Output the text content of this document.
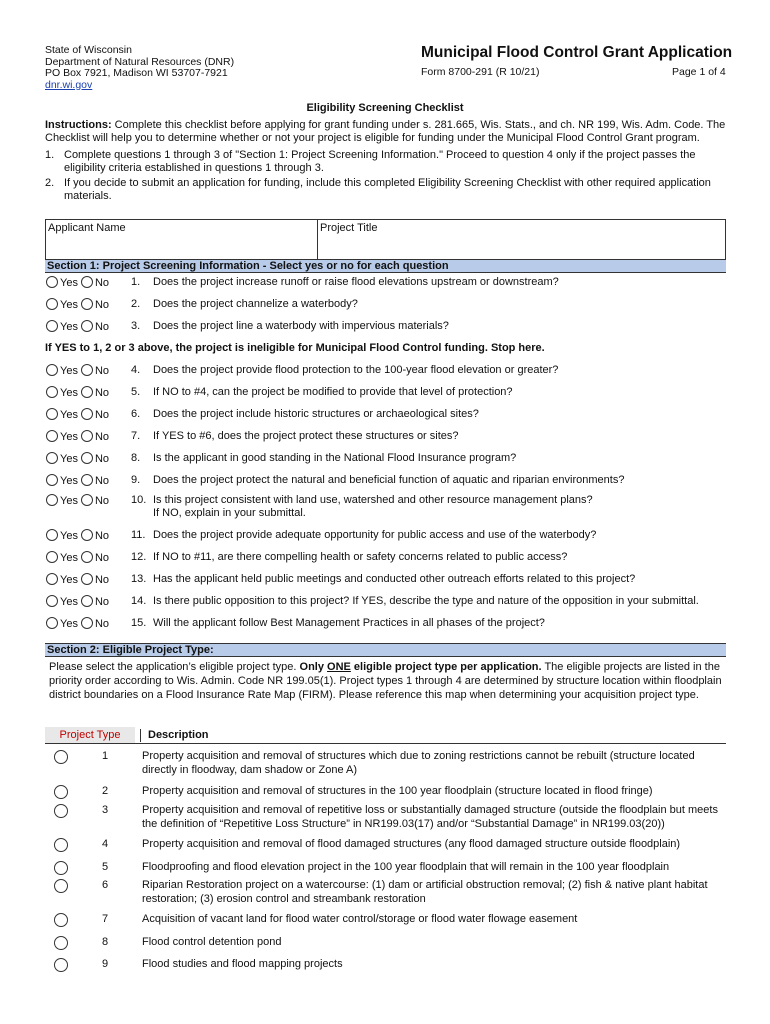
State of Wisconsin
Department of Natural Resources (DNR)
PO Box 7921, Madison WI 53707-7921
dnr.wi.gov
Municipal Flood Control Grant Application
Form 8700-291 (R 10/21)	Page 1 of 4
Eligibility Screening Checklist
Instructions: Complete this checklist before applying for grant funding under s. 281.665, Wis. Stats., and ch. NR 199, Wis. Adm. Code. The Checklist will help you to determine whether or not your project is eligible for funding under the Municipal Flood Control Grant program.
1. Complete questions 1 through 3 of "Section 1: Project Screening Information." Proceed to question 4 only if the project passes the eligibility criteria established in questions 1 through 3.
2. If you decide to submit an application for funding, include this completed Eligibility Screening Checklist with other required application materials.
Applicant Name	Project Title
Section 1: Project Screening Information - Select yes or no for each question
Yes No 1. Does the project increase runoff or raise flood elevations upstream or downstream?
Yes No 2. Does the project channelize a waterbody?
Yes No 3. Does the project line a waterbody with impervious materials?
Yes No 4. Does the project provide flood protection to the 100-year flood elevation or greater?
Yes No 5. If NO to #4, can the project be modified to provide that level of protection?
Yes No 6. Does the project include historic structures or archaeological sites?
Yes No 7. If YES to #6, does the project protect these structures or sites?
Yes No 8. Is the applicant in good standing in the National Flood Insurance program?
Yes No 9. Does the project protect the natural and beneficial function of aquatic and riparian environments?
Yes No 10. Is this project consistent with land use, watershed and other resource management plans?
If NO, explain in your submittal.
Yes No 11. Does the project provide adequate opportunity for public access and use of the waterbody?
Yes No 12. If NO to #11, are there compelling health or safety concerns related to public access?
Yes No 13. Has the applicant held public meetings and conducted other outreach efforts related to this project?
Yes No 14. Is there public opposition to this project? If YES, describe the type and nature of the opposition in your submittal.
Yes No 15. Will the applicant follow Best Management Practices in all phases of the project?
If YES to 1, 2 or 3 above, the project is ineligible for Municipal Flood Control funding. Stop here.
Section 2: Eligible Project Type:
Please select the application’s eligible project type. Only ONE eligible project type per application. The eligible projects are listed in the priority order according to Wis. Admin. Code NR 199.05(1). Project types 1 through 4 are determined by structure location within floodplain district boundaries on a Flood Insurance Rate Map (FIRM). Please reference this map when determining your acquisition project type.
Project Type	Description
1	Property acquisition and removal of structures which due to zoning restrictions cannot be rebuilt (structure located directly in floodway, dam shadow or Zone A)
2	Property acquisition and removal of structures in the 100 year floodplain (structure located in flood fringe)
3	Property acquisition and removal of repetitive loss or substantially damaged structure (outside the floodplain but meets the definition of “Repetitive Loss Structure” in NR199.03(17) and/or “Substantial Damage” in NR199.03(20))
4	Property acquisition and removal of flood damaged structures (any flood damaged structure outside floodplain)
5	Floodproofing and flood elevation project in the 100 year floodplain that will remain in the 100 year floodplain
6	Riparian Restoration project on a watercourse: (1) dam or artificial obstruction removal; (2) fish & native plant habitat restoration; (3) erosion control and streambank restoration
7	Acquisition of vacant land for flood water control/storage or flood water flowage easement
8	Flood control detention pond
9	Flood studies and flood mapping projects
